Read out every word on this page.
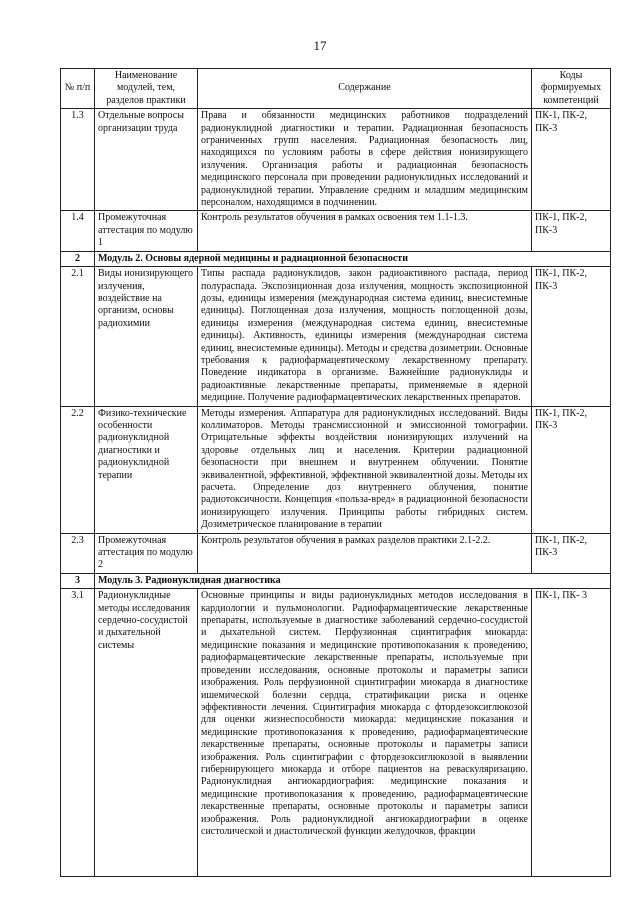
17
№ п/п	Наименование модулей, тем, разделов практики	Содержание	Коды формируемых компетенций
1.3	Отдельные вопросы организации труда	Права и обязанности медицинских работников подразделений радионуклидной диагностики и терапии. Радиационная безопасность ограниченных групп населения. Радиационная безопасность лиц, находящихся по условиям работы в сфере действия ионизирующего излучения. Организация работы и радиационная безопасность медицинского персонала при проведении радионуклидных исследований и радионуклидной терапии. Управление средним и младшим медицинским персоналом, находящимся в подчинении.	ПК-1, ПК-2, ПК-3
1.4	Промежуточная аттестация по модулю 1	Контроль результатов обучения в рамках освоения тем 1.1-1.3.	ПК-1, ПК-2, ПК-3
2	Модуль 2. Основы ядерной медицины и радиационной безопасности		
2.1	Виды ионизирующего излучения, воздействие на организм, основы радиохимии	Типы распада радионуклидов, закон радиоактивного распада, период полураспада. Экспозиционная доза излучения, мощность экспозиционной дозы, единицы измерения (международная система единиц, внесистемные единицы). Поглощенная доза излучения, мощность поглощенной дозы, единицы измерения (международная система единиц, внесистемные единицы). Активность, единицы измерения (международная система единиц, внесистемные единицы). Методы и средства дозиметрии. Основные требования к радиофармацевтическому лекарственному препарату. Поведение индикатора в организме. Важнейшие радионуклиды и радиоактивные лекарственные препараты, применяемые в ядерной медицине. Получение радиофармацевтических лекарственных препаратов.	ПК-1, ПК-2, ПК-3
2.2	Физико-технические особенности радионуклидной диагностики и радионуклидной терапии	Методы измерения. Аппаратура для радионуклидных исследований. Виды коллиматоров. Методы трансмиссионной и эмиссионной томографии. Отрицательные эффекты воздействия ионизирующих излучений на здоровье отдельных лиц и населения. Критерии радиационной безопасности при внешнем и внутреннем облучении. Понятие эквивалентной, эффективной, эффективной эквивалентной дозы. Методы их расчета. Определение доз внутреннего облучения, понятие радиотоксичности. Концепция «польза-вред» в радиационной безопасности ионизирующего излучения. Принципы работы гибридных систем. Дозиметрическое планирование в терапии	ПК-1, ПК-2, ПК-3
2.3	Промежуточная аттестация по модулю 2	Контроль результатов обучения в рамках разделов практики 2.1-2.2.	ПК-1, ПК-2, ПК-3
3	Модуль 3. Радионуклидная диагностика		
3.1	Радионуклидные методы исследования сердечно-сосудистой и дыхательной системы	Основные принципы и виды радионуклидных методов исследования в кардиологии и пульмонологии. Радиофармацевтические лекарственные препараты, используемые в диагностике заболеваний сердечно-сосудистой и дыхательной систем. Перфузионная сцинтиграфия миокарда: медицинские показания и медицинские противопоказания к проведению, радиофармацевтические лекарственные препараты, используемые при проведении исследования, основные протоколы и параметры записи изображения. Роль перфузионной сцинтиграфии миокарда в диагностике ишемической болезни сердца, стратификации риска и оценке эффективности лечения. Сцинтиграфия миокарда с фтордезоксиглюкозой для оценки жизнеспособности миокарда: медицинские показания и медицинские противопоказания к проведению, радиофармацевтические лекарственные препараты, основные протоколы и параметры записи изображения. Роль сцинтиграфии с фтордезоксиглюкозой в выявлении гибернирующего миокарда и отборе пациентов на реваскуляризацию. Радионуклидная ангиокардиография: медицинские показания и медицинские противопоказания к проведению, радиофармацевтические лекарственные препараты, основные протоколы и параметры записи изображения. Роль радионуклидной ангиокардиографии в оценке систолической и диастолической функции желудочков, фракции	ПК-1, ПК- 3
